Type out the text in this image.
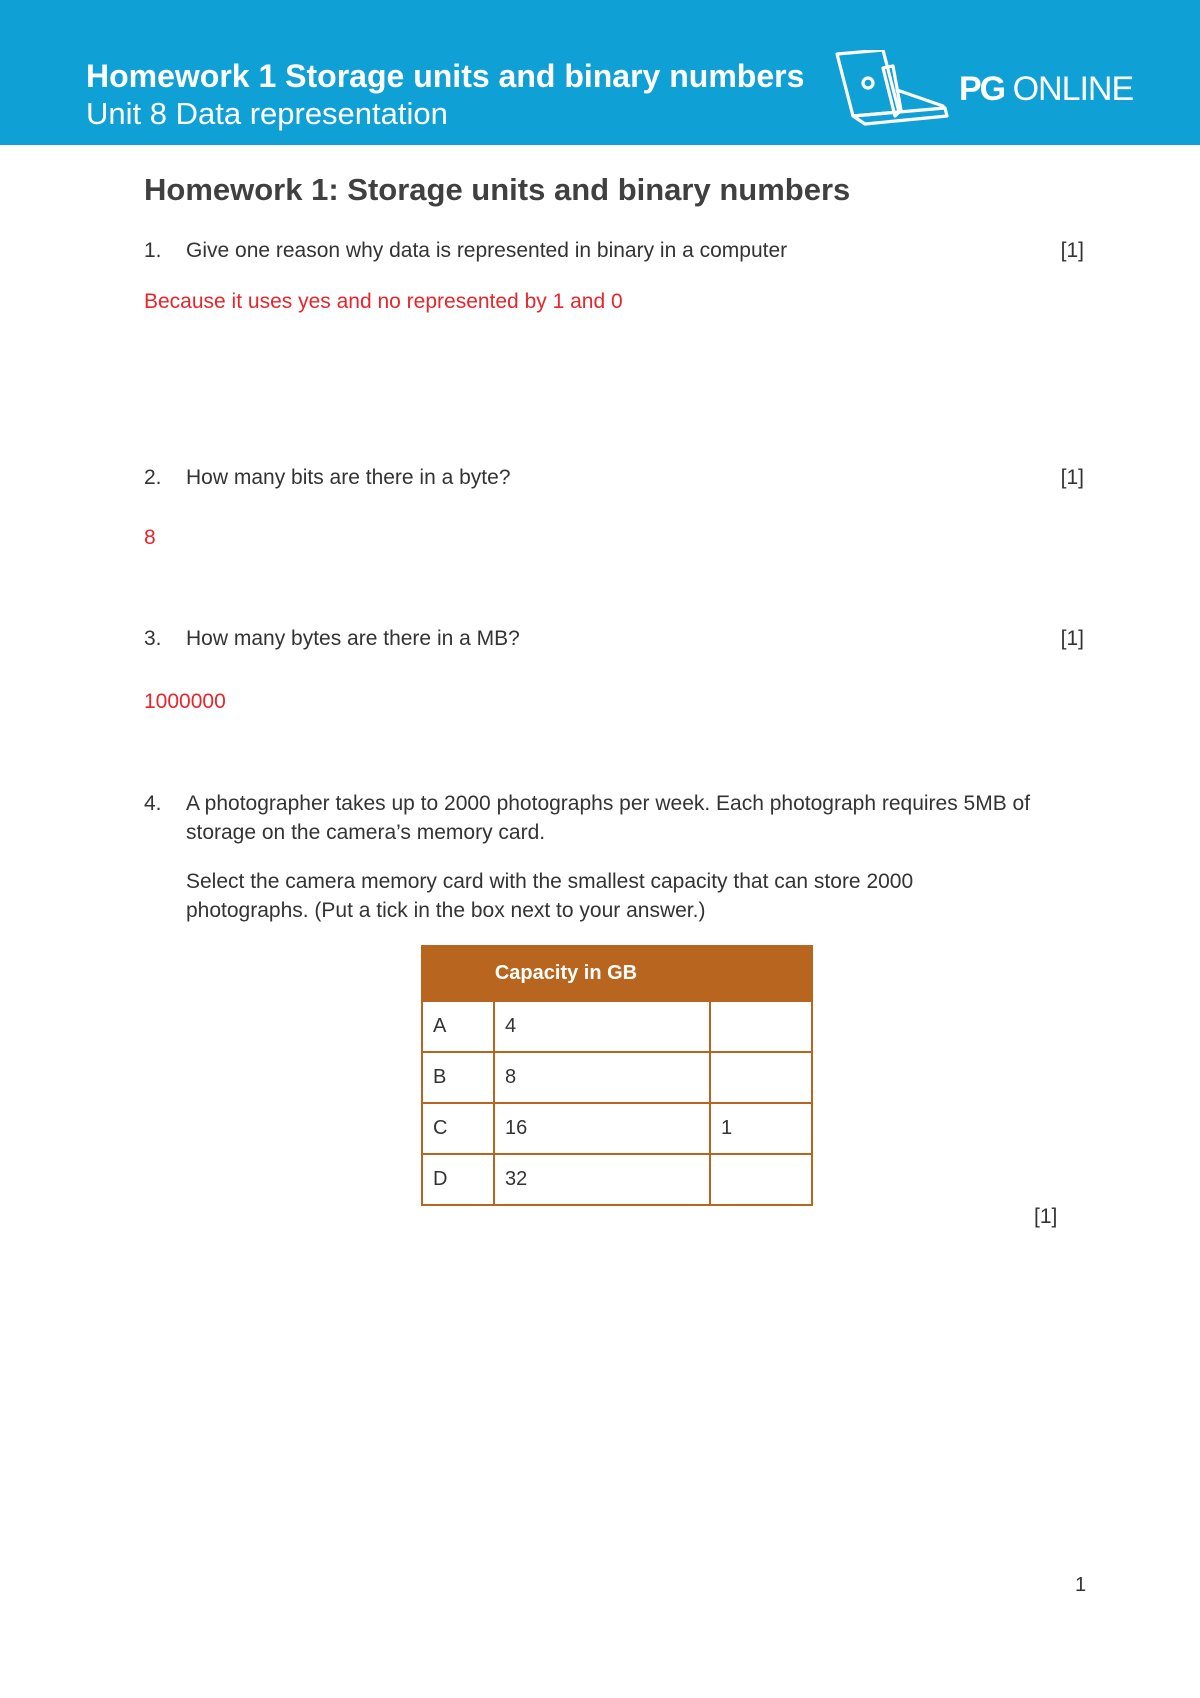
Homework 1 Storage units and binary numbers
Unit 8 Data representation
PG ONLINE
Homework 1: Storage units and binary numbers
1. Give one reason why data is represented in binary in a computer	[1]
Because it uses yes and no represented by 1 and 0
2. How many bits are there in a byte?	[1]
8
3. How many bytes are there in a MB?	[1]
1000000
4. A photographer takes up to 2000 photographs per week. Each photograph requires 5MB of storage on the camera’s memory card.
Select the camera memory card with the smallest capacity that can store 2000 photographs. (Put a tick in the box next to your answer.)
Capacity in GB		
A	4	
B	8	
C	16	1
D	32	
[1]
1
